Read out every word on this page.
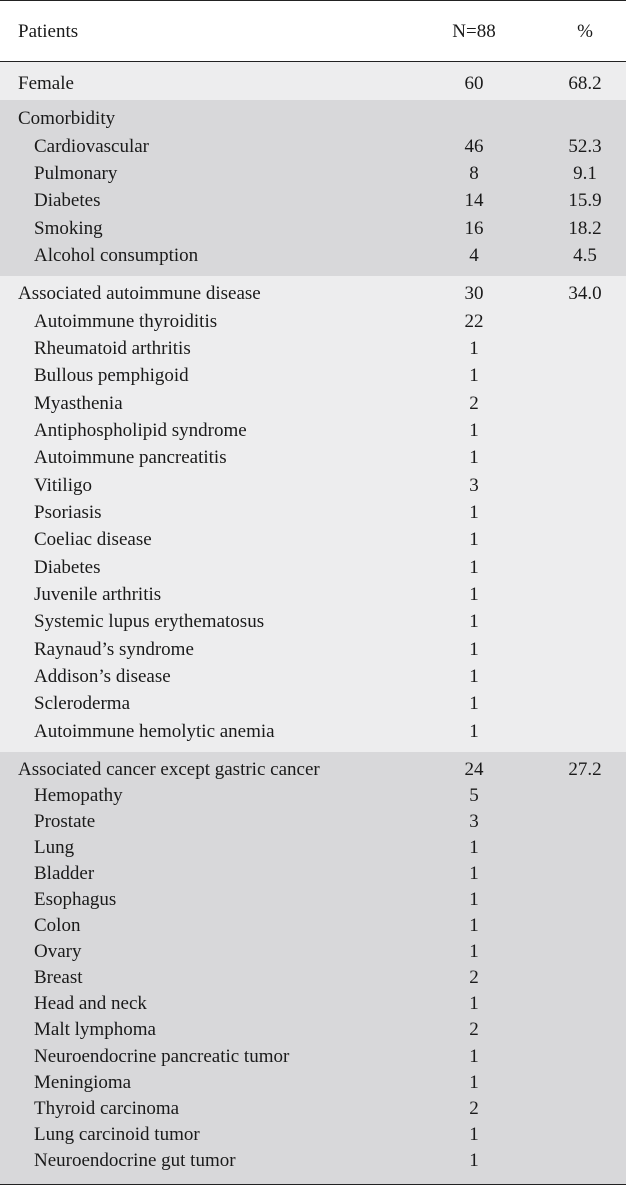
Patients	N=88	%
Female	60	68.2
Comorbidity
Cardiovascular	46	52.3
Pulmonary	8	9.1
Diabetes	14	15.9
Smoking	16	18.2
Alcohol consumption	4	4.5
Associated autoimmune disease	30	34.0
Autoimmune thyroiditis	22
Rheumatoid arthritis	1
Bullous pemphigoid	1
Myasthenia	2
Antiphospholipid syndrome	1
Autoimmune pancreatitis	1
Vitiligo	3
Psoriasis	1
Coeliac disease	1
Diabetes	1
Juvenile arthritis	1
Systemic lupus erythematosus	1
Raynaud’s syndrome	1
Addison’s disease	1
Scleroderma	1
Autoimmune hemolytic anemia	1
Associated cancer except gastric cancer	24	27.2
Hemopathy	5
Prostate	3
Lung	1
Bladder	1
Esophagus	1
Colon	1
Ovary	1
Breast	2
Head and neck	1
Malt lymphoma	2
Neuroendocrine pancreatic tumor	1
Meningioma	1
Thyroid carcinoma	2
Lung carcinoid tumor	1
Neuroendocrine gut tumor	1
